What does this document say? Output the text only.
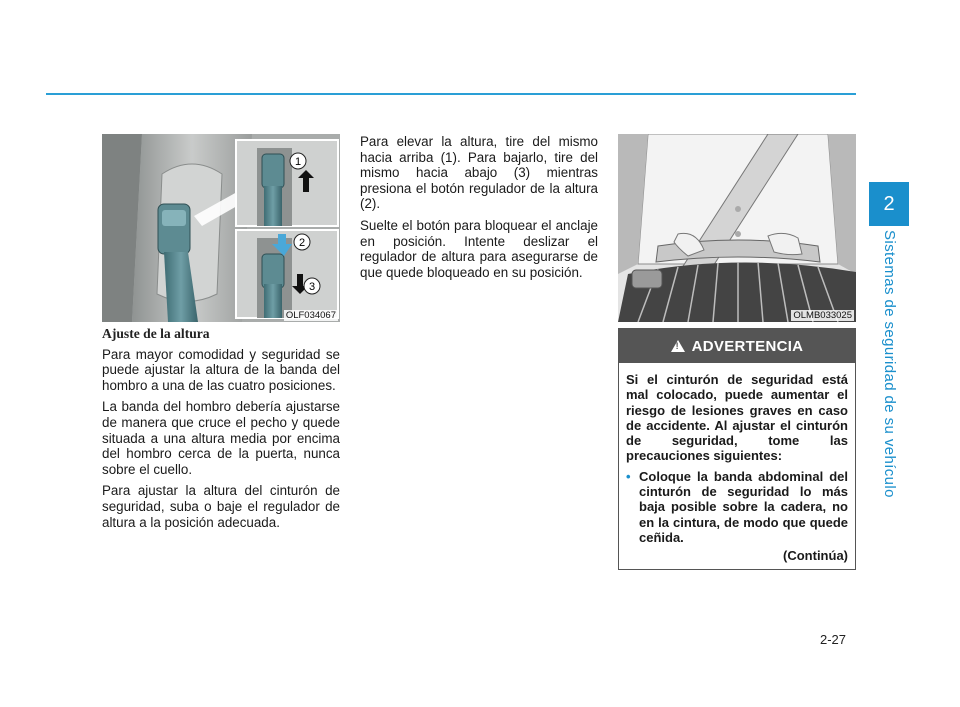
2
Sistemas de seguridad de su vehículo
1
2
3
OLF034067	OLMB033025
Ajuste de la altura

Para mayor comodidad y seguridad se puede ajustar la altura de la banda del hombro a una de las cuatro posiciones.

La banda del hombro debería ajustarse de manera que cruce el pecho y quede situada a una altura media por encima del hombro cerca de la puerta, nunca sobre el cuello.

Para ajustar la altura del cinturón de seguridad, suba o baje el regulador de altura a la posición adecuada.

Para elevar la altura, tire del mismo hacia arriba (1). Para bajarlo, tire del mismo hacia abajo (3) mientras presiona el botón regulador de la altura (2).

Suelte el botón para bloquear el anclaje en posición. Intente deslizar el regulador de altura para asegurarse de que quede bloqueado en su posición.

!
ADVERTENCIA

Si el cinturón de seguridad está mal colocado, puede aumentar el riesgo de lesiones graves en caso de accidente. Al ajustar el cinturón de seguridad, tome las precauciones siguientes:

• Coloque la banda abdominal del cinturón de seguridad lo más baja posible sobre la cadera, no en la cintura, de modo que quede ceñida.
(Continúa)
2-27
